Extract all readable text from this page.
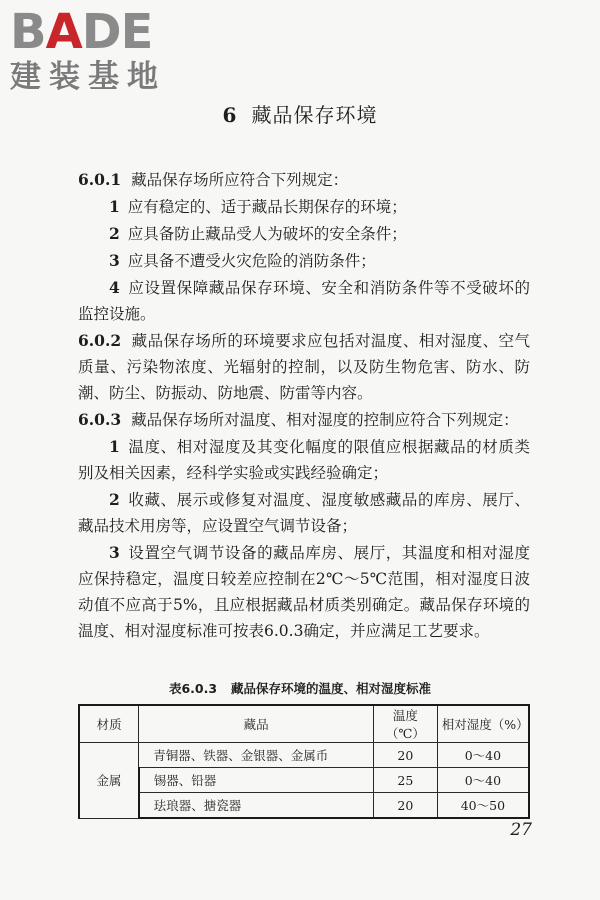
BADE
建装基地
6 藏品保存环境

6.0.1 藏品保存场所应符合下列规定：

1 应有稳定的、适于藏品长期保存的环境；

2 应具备防止藏品受人为破坏的安全条件；

3 应具备不遭受火灾危险的消防条件；

4 应设置保障藏品保存环境、安全和消防条件等不受破坏的监控设施。

6.0.2 藏品保存场所的环境要求应包括对温度、相对湿度、空气质量、污染物浓度、光辐射的控制，以及防生物危害、防水、防潮、防尘、防振动、防地震、防雷等内容。

6.0.3 藏品保存场所对温度、相对湿度的控制应符合下列规定：

1 温度、相对湿度及其变化幅度的限值应根据藏品的材质类别及相关因素，经科学实验或实践经验确定；

2 收藏、展示或修复对温度、湿度敏感藏品的库房、展厅、藏品技术用房等，应设置空气调节设备；

3 设置空气调节设备的藏品库房、展厅，其温度和相对湿度应保持稳定，温度日较差应控制在2℃～5℃范围，相对湿度日波动值不应高于5%，且应根据藏品材质类别确定。藏品保存环境的温度、相对湿度标准可按表6.0.3确定，并应满足工艺要求。

表6.0.3 藏品保存环境的温度、相对湿度标准
材质	藏品	温度（℃）	相对湿度（%）
金属	青铜器、铁器、金银器、金属币	20	0～40
	锡器、铅器	25	0～40
	珐琅器、搪瓷器	20	40～50
27
